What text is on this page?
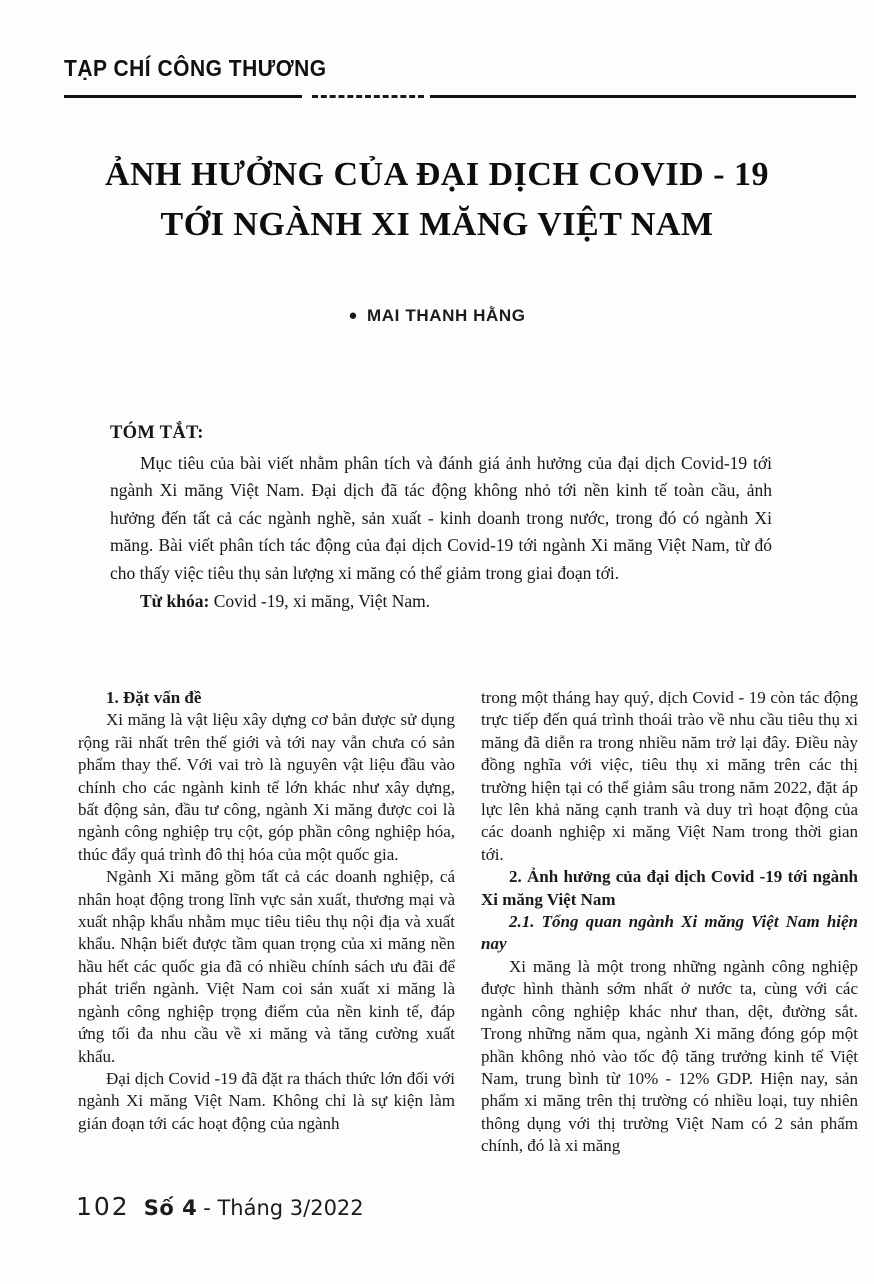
TẠP CHÍ CÔNG THƯƠNG
ẢNH HƯỞNG CỦA ĐẠI DỊCH COVID - 19
TỚI NGÀNH XI MĂNG VIỆT NAM
● MAI THANH HẰNG
TÓM TẮT:

Mục tiêu của bài viết nhằm phân tích và đánh giá ảnh hưởng của đại dịch Covid-19 tới ngành Xi măng Việt Nam. Đại dịch đã tác động không nhỏ tới nền kinh tế toàn cầu, ảnh hưởng đến tất cả các ngành nghề, sản xuất - kinh doanh trong nước, trong đó có ngành Xi măng. Bài viết phân tích tác động của đại dịch Covid-19 tới ngành Xi măng Việt Nam, từ đó cho thấy việc tiêu thụ sản lượng xi măng có thể giảm trong giai đoạn tới.

Từ khóa: Covid -19, xi măng, Việt Nam.

1. Đặt vấn đề

Xi măng là vật liệu xây dựng cơ bản được sử dụng rộng rãi nhất trên thế giới và tới nay vẫn chưa có sản phẩm thay thế. Với vai trò là nguyên vật liệu đầu vào chính cho các ngành kinh tế lớn khác như xây dựng, bất động sản, đầu tư công, ngành Xi măng được coi là ngành công nghiệp trụ cột, góp phần công nghiệp hóa, thúc đẩy quá trình đô thị hóa của một quốc gia.

Ngành Xi măng gồm tất cả các doanh nghiệp, cá nhân hoạt động trong lĩnh vực sản xuất, thương mại và xuất nhập khẩu nhằm mục tiêu tiêu thụ nội địa và xuất khẩu. Nhận biết được tầm quan trọng của xi măng nền hầu hết các quốc gia đã có nhiều chính sách ưu đãi để phát triển ngành. Việt Nam coi sản xuất xi măng là ngành công nghiệp trọng điểm của nền kinh tế, đáp ứng tối đa nhu cầu về xi măng và tăng cường xuất khẩu.

Đại dịch Covid -19 đã đặt ra thách thức lớn đối với ngành Xi măng Việt Nam. Không chỉ là sự kiện làm gián đoạn tới các hoạt động của ngành

trong một tháng hay quý, dịch Covid - 19 còn tác động trực tiếp đến quá trình thoái trào về nhu cầu tiêu thụ xi măng đã diễn ra trong nhiều năm trở lại đây. Điều này đồng nghĩa với việc, tiêu thụ xi măng trên các thị trường hiện tại có thể giảm sâu trong năm 2022, đặt áp lực lên khả năng cạnh tranh và duy trì hoạt động của các doanh nghiệp xi măng Việt Nam trong thời gian tới.

2. Ảnh hưởng của đại dịch Covid -19 tới ngành Xi măng Việt Nam

2.1. Tổng quan ngành Xi măng Việt Nam hiện nay

Xi măng là một trong những ngành công nghiệp được hình thành sớm nhất ở nước ta, cùng với các ngành công nghiệp khác như than, dệt, đường sắt. Trong những năm qua, ngành Xi măng đóng góp một phần không nhỏ vào tốc độ tăng trưởng kinh tế Việt Nam, trung bình từ 10% - 12% GDP. Hiện nay, sản phẩm xi măng trên thị trường có nhiều loại, tuy nhiên thông dụng với thị trường Việt Nam có 2 sản phẩm chính, đó là xi măng

102 Số 4 - Tháng 3/2022
